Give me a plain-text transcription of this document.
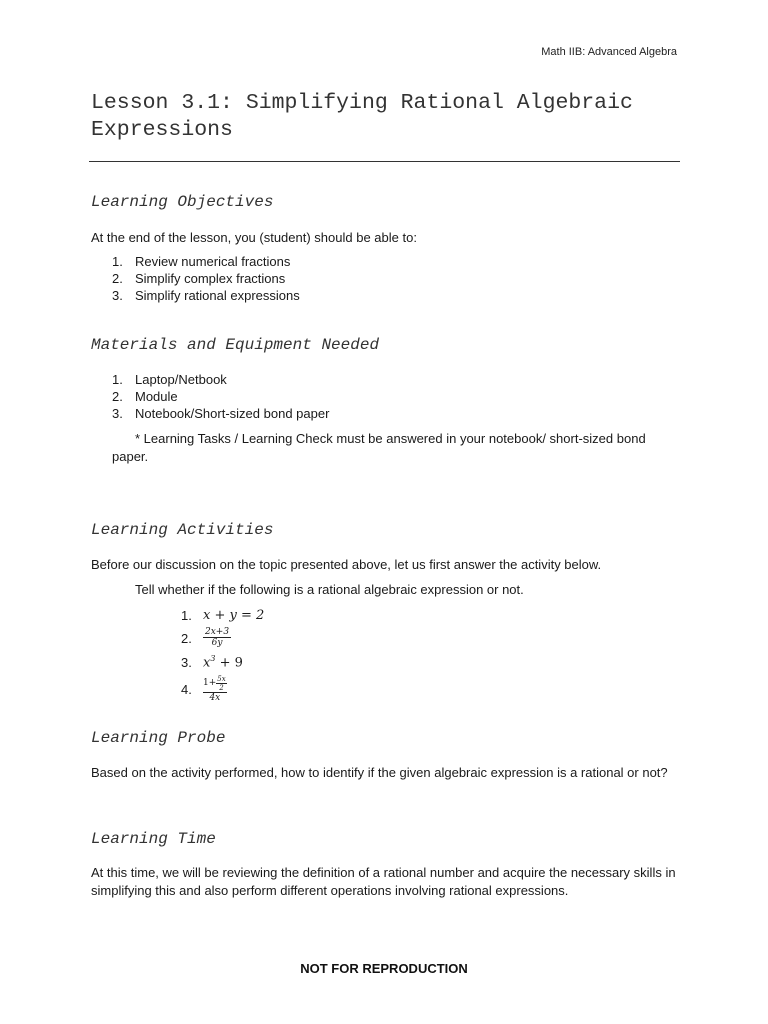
Math IIB: Advanced Algebra
Lesson 3.1: Simplifying Rational Algebraic Expressions
Learning Objectives

At the end of the lesson, you (student) should be able to:

1. Review numerical fractions
2. Simplify complex fractions
3. Simplify rational expressions
Materials and Equipment Needed
1. Laptop/Netbook
2. Module
3. Notebook/Short-sized bond paper

* Learning Tasks / Learning Check must be answered in your notebook/ short-sized bond paper.

Learning Activities

Before our discussion on the topic presented above, let us first answer the activity below.

Tell whether if the following is a rational algebraic expression or not.

1. x + y = 2
2.	$\frac{2x+3}{6y}$
3. $x^3 + 9$
4.	$\frac{1+ \frac{5x}{2}}{4x}$
Learning Probe

Based on the activity performed, how to identify if the given algebraic expression is a rational or not?

Learning Time

At this time, we will be reviewing the definition of a rational number and acquire the necessary skills in simplifying this and also perform different operations involving rational expressions.

NOT FOR REPRODUCTION
